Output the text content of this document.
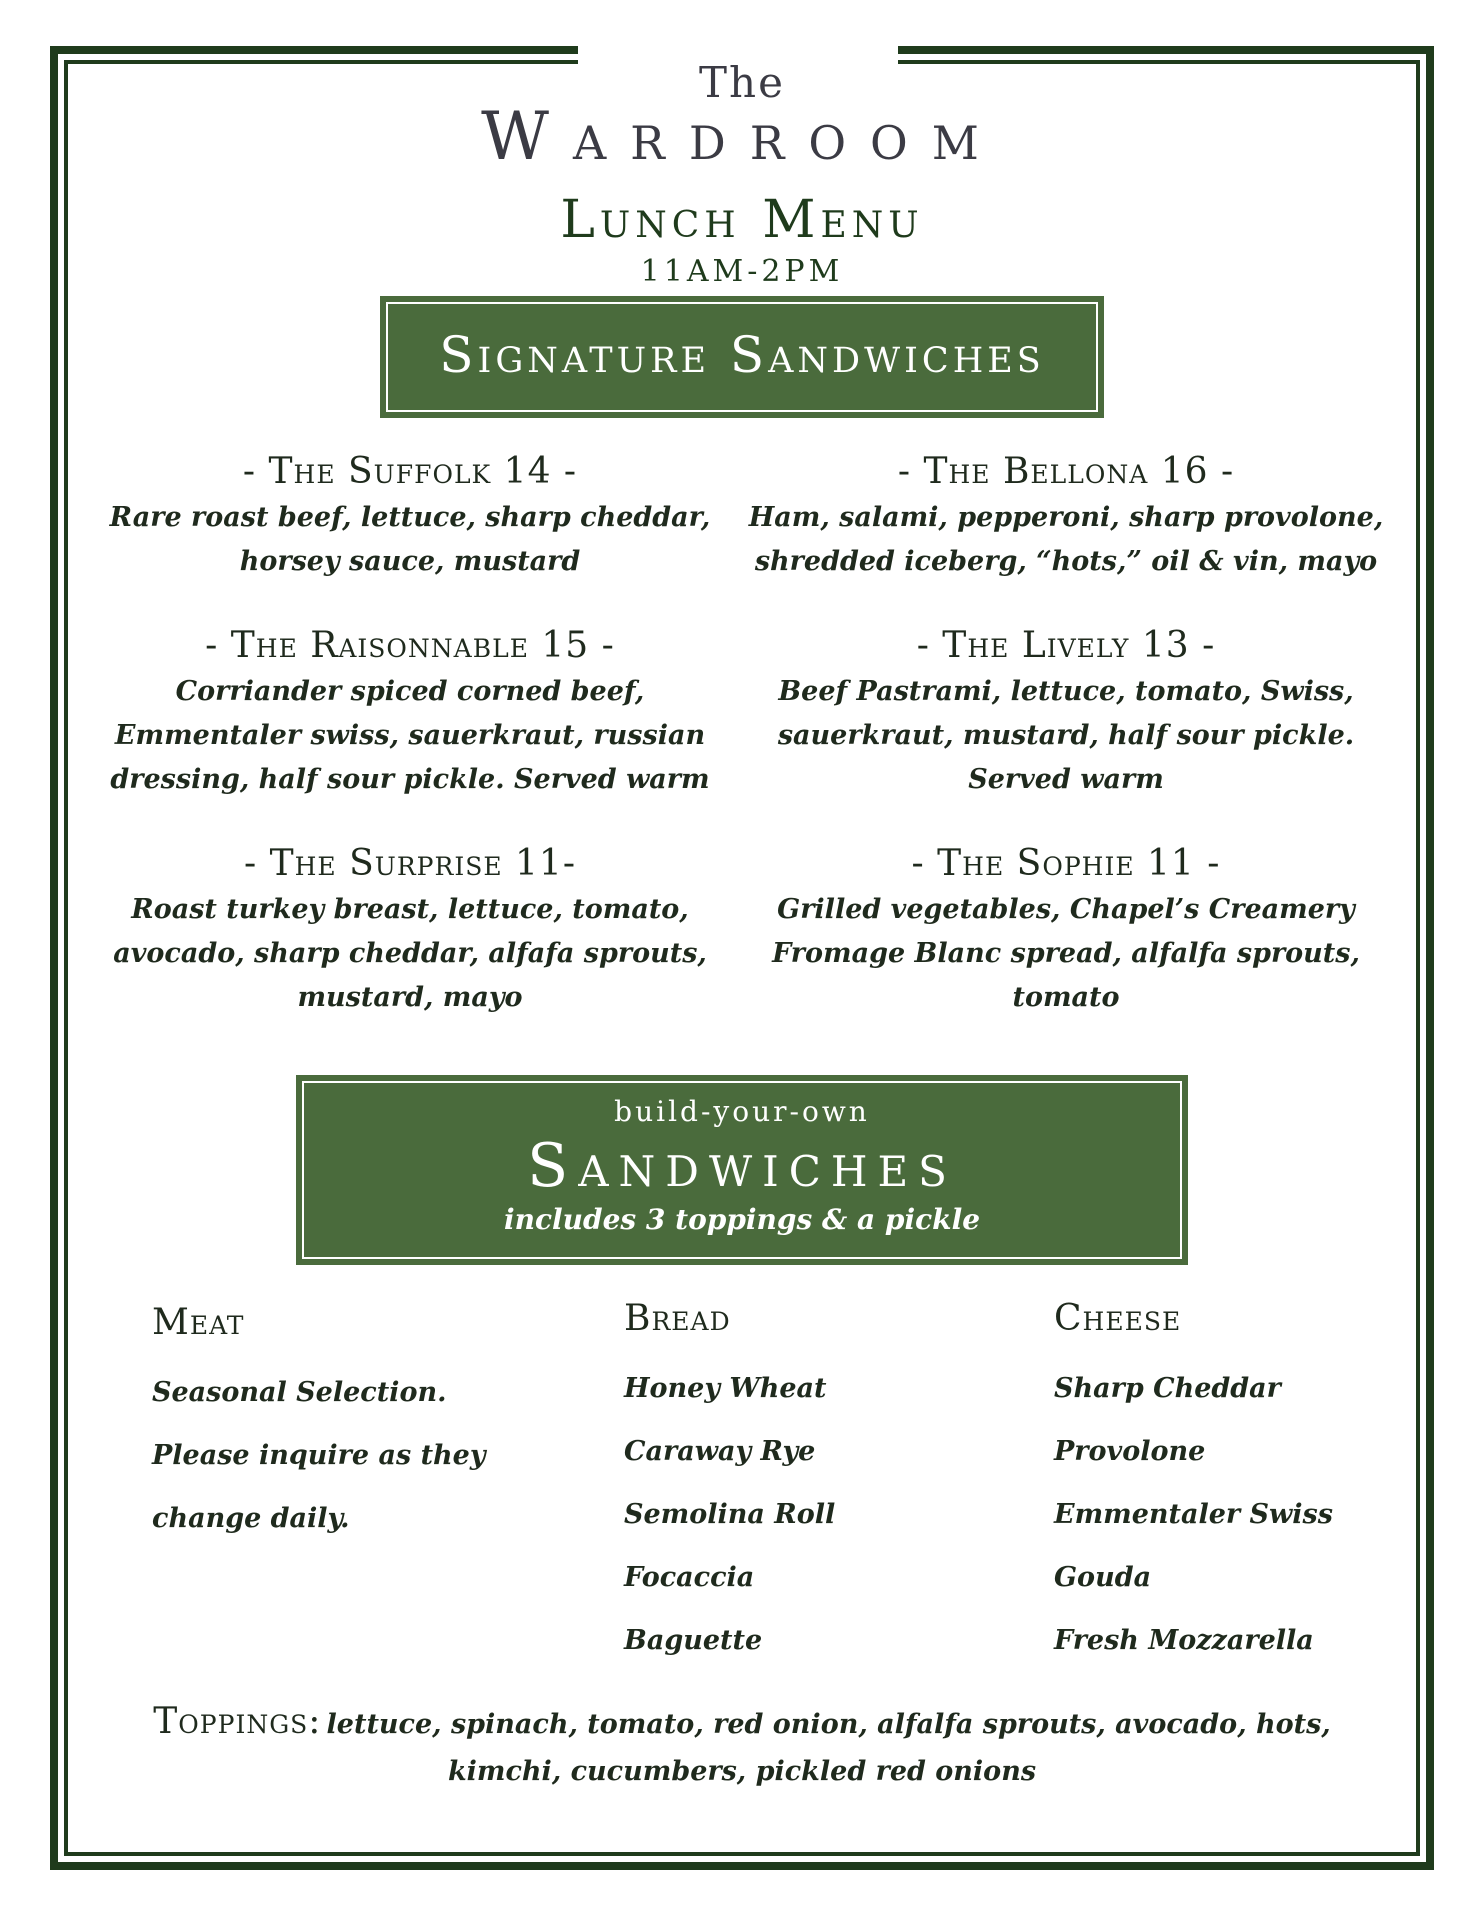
The
Wardroom
Lunch Menu
11AM-2PM
Signature Sandwiches
- The Suffolk 14 -
Rare roast beef, lettuce, sharp cheddar, horsey sauce, mustard
- The Bellona 16 -
Ham, salami, pepperoni, sharp provolone, shredded iceberg, “hots,” oil & vin, mayo
- The Raisonnable 15 -
Corriander spiced corned beef, Emmentaler swiss, sauerkraut, russian dressing, half sour pickle. Served warm
- The Lively 13 -
Beef Pastrami, lettuce, tomato, Swiss, sauerkraut, mustard, half sour pickle. Served warm
- The Surprise 11-
Roast turkey breast, lettuce, tomato, avocado, sharp cheddar, alfafa sprouts, mustard, mayo
- The Sophie 11 -
Grilled vegetables, Chapel’s Creamery Fromage Blanc spread, alfalfa sprouts, tomato
build-your-own
Sandwiches
includes 3 toppings & a pickle
Meat
Seasonal Selection.
Please inquire as they
change daily.
Bread
Honey Wheat
Caraway Rye
Semolina Roll
Focaccia
Baguette
Cheese
Sharp Cheddar
Provolone
Emmentaler Swiss
Gouda
Fresh Mozzarella
Toppings: lettuce, spinach, tomato, red onion, alfalfa sprouts, avocado, hots, kimchi, cucumbers, pickled red onions
